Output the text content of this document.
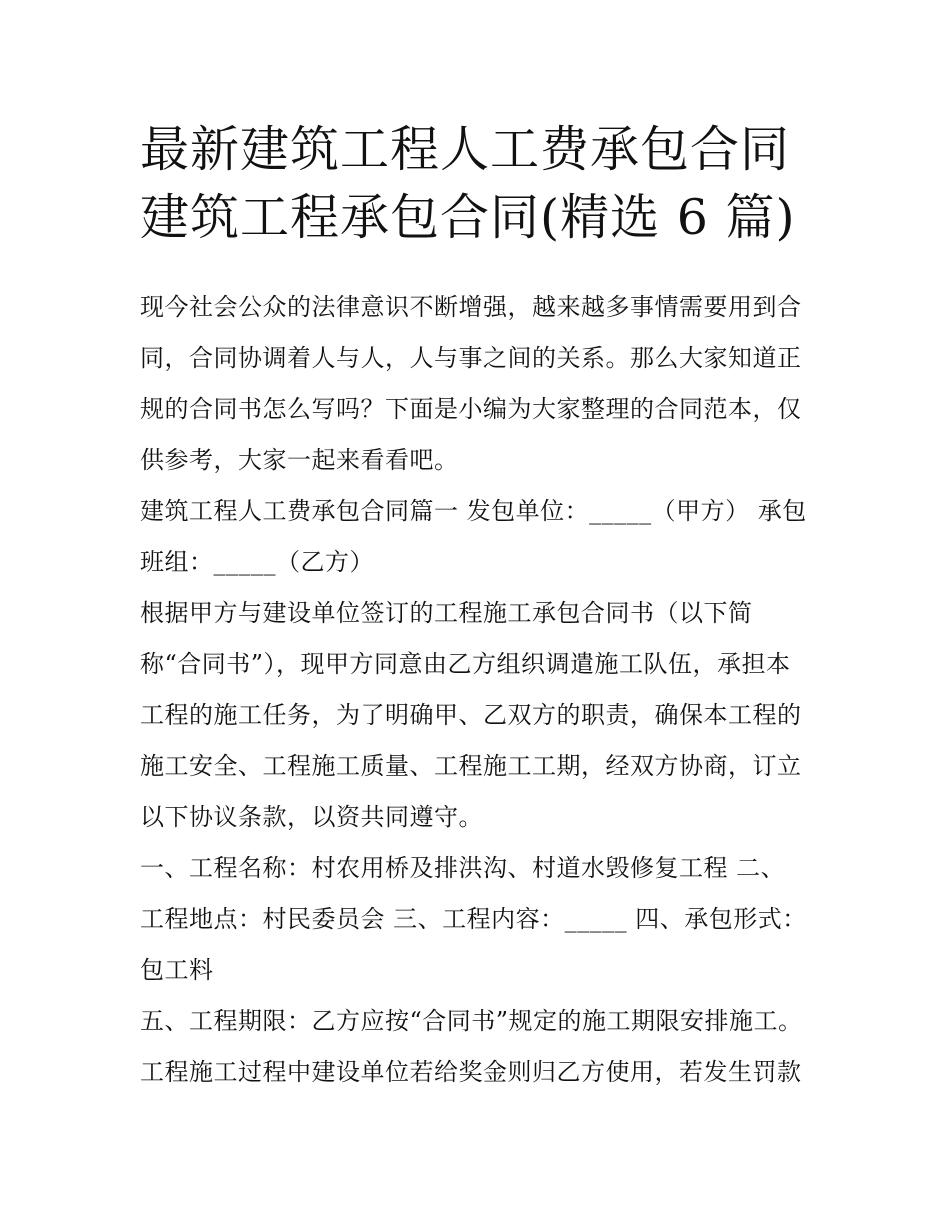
最新建筑工程人工费承包合同
建筑工程承包合同(精选 6 篇)

现今社会公众的法律意识不断增强，越来越多事情需要用到合
同，合同协调着人与人，人与事之间的关系。那么大家知道正
规的合同书怎么写吗？下面是小编为大家整理的合同范本，仅
供参考，大家一起来看看吧。

建筑工程人工费承包合同篇一 发包单位：_____（甲方） 承包
班组：_____（乙方）

根据甲方与建设单位签订的工程施工承包合同书（以下简
称“合同书”），现甲方同意由乙方组织调遣施工队伍，承担本
工程的施工任务，为了明确甲、乙双方的职责，确保本工程的
施工安全、工程施工质量、工程施工工期，经双方协商，订立
以下协议条款，以资共同遵守。

一、工程名称：村农用桥及排洪沟、村道水毁修复工程 二、
工程地点：村民委员会 三、工程内容：_____ 四、承包形式：
包工料

五、工程期限：乙方应按“合同书”规定的施工期限安排施工。
工程施工过程中建设单位若给奖金则归乙方使用，若发生罚款
